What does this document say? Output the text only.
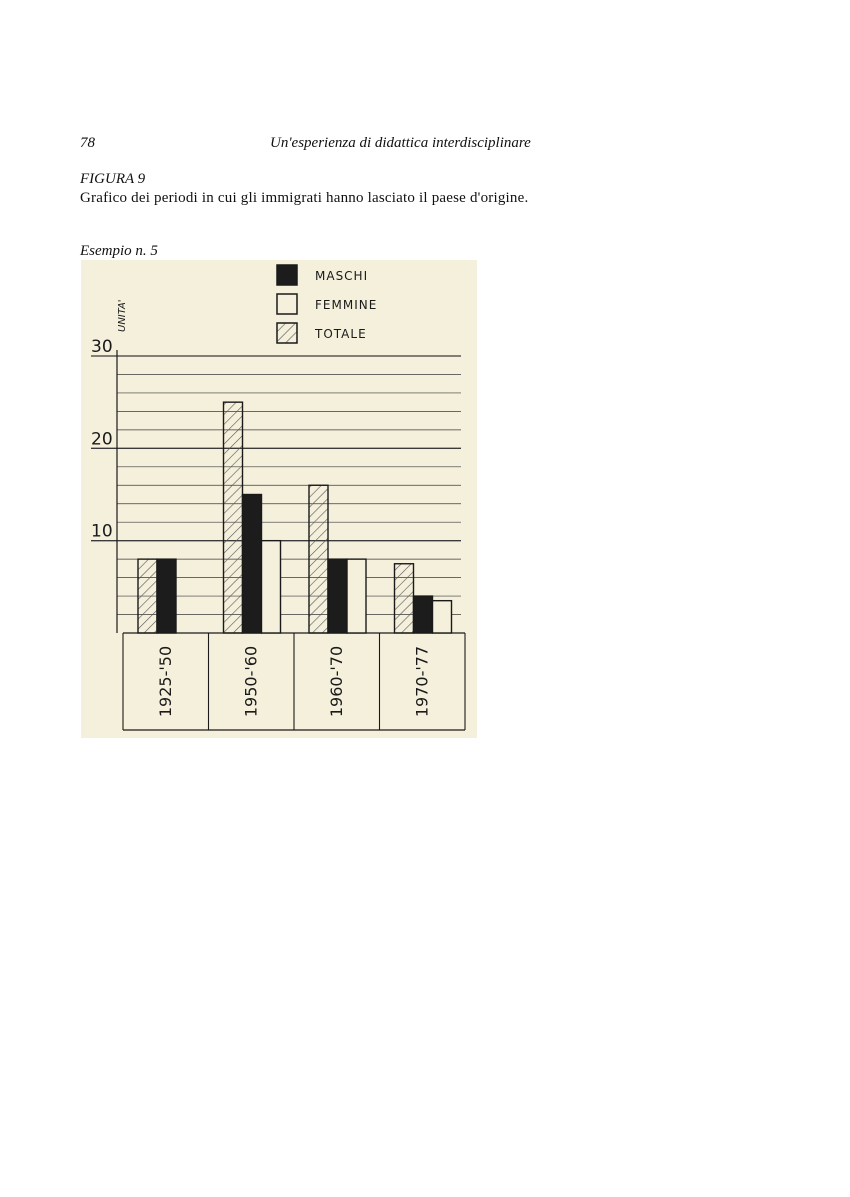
78	Un'esperienza di didattica interdisciplinare
FIGURA 9
Grafico dei periodi in cui gli immigrati hanno lasciato il paese d'origine.
Esempio n. 5
10
20
30
UNITA'
1925-'50	1950-'60	1960-'70	1970-'77
MASCHI
FEMMINE
TOTALE
